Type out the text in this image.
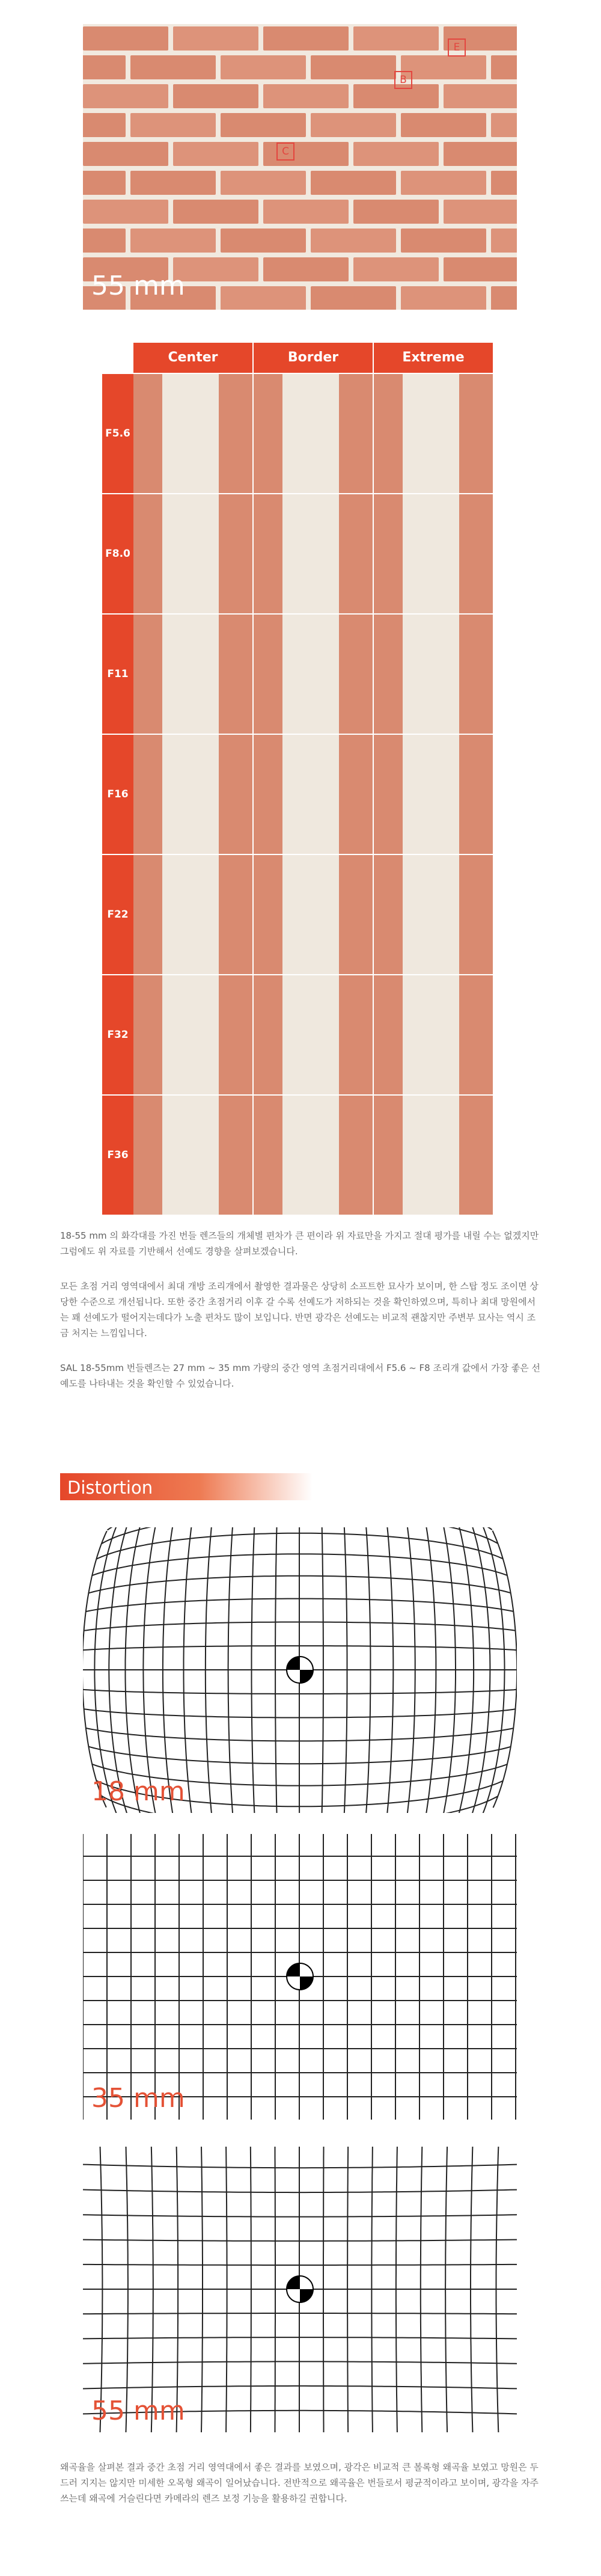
E
B
C
55 mm
Center	Border	Extreme
F5.6
F8.0
F11
F16
F22
F32
F36
18-55 mm 의 화각대를 가진 번들 렌즈들의 개체별 편차가 큰 편이라 위 자료만을 가지고 절대 평가를 내릴 수는 없겠지만 그럼에도 위 자료를 기반해서 선예도 경향을 살펴보겠습니다.
모든 초점 거리 영역대에서 최대 개방 조리개에서 촬영한 결과물은 상당히 소프트한 묘사가 보이며, 한 스탑 정도 조이면 상당한 수준으로 개선됩니다. 또한 중간 초점거리 이후 갈 수록 선예도가 저하되는 것을 확인하였으며, 특히나 최대 망원에서는 꽤 선예도가 떨어지는데다가 노출 편차도 많이 보입니다. 반면 광각은 선예도는 비교적 괜찮지만 주변부 묘사는 역시 조금 처지는 느낌입니다.
SAL 18-55mm 번들렌즈는 27 mm ~ 35 mm 가량의 중간 영역 초점거리대에서 F5.6 ~ F8 조리개 값에서 가장 좋은 선예도를 나타내는 것을 확인할 수 있었습니다.
Distortion
18 mm
35 mm
55 mm
왜곡율을 살펴본 결과 중간 초점 거리 영역대에서 좋은 결과를 보였으며, 광각은 비교적 큰 볼록형 왜곡율 보였고 망원은 두드러 지지는 않지만 미세한 오목형 왜곡이 일어났습니다. 전반적으로 왜곡율은 번들로서 평균적이라고 보이며, 광각을 자주 쓰는데 왜곡에 거슬린다면 카메라의 렌즈 보정 기능을 활용하길 권합니다.
